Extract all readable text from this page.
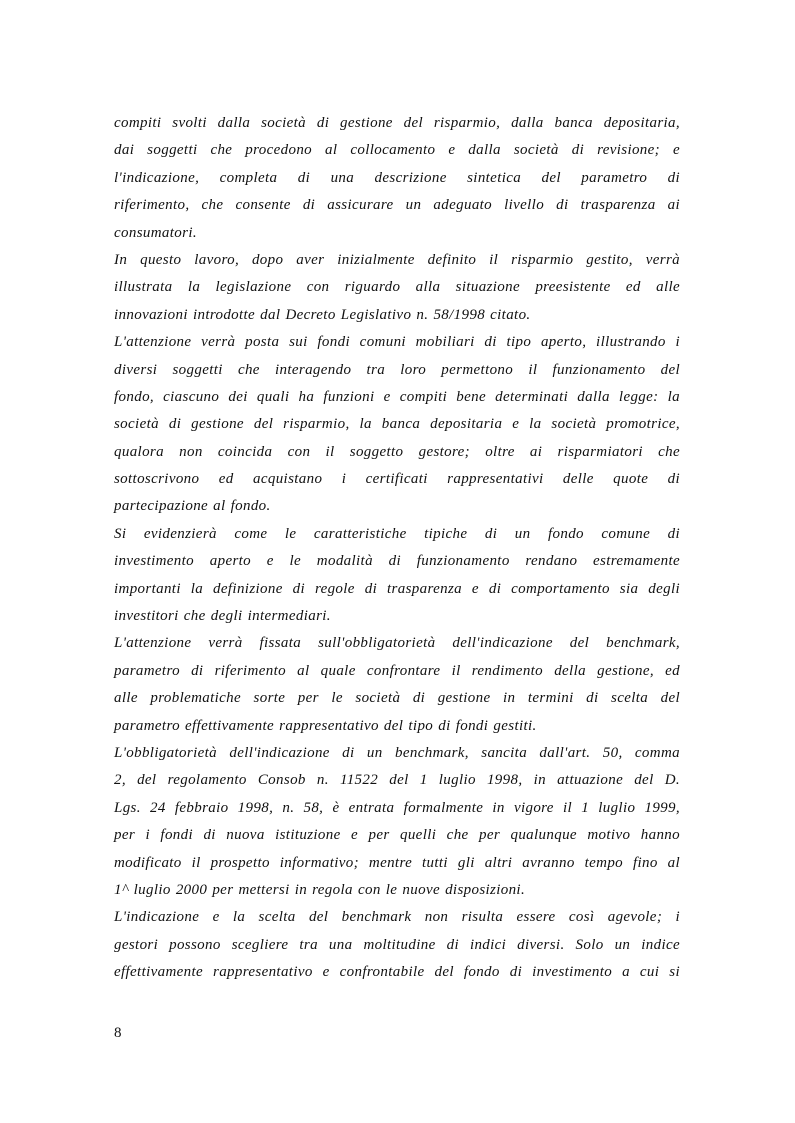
compiti svolti dalla società di gestione del risparmio, dalla banca depositaria,
dai soggetti che procedono al collocamento e dalla società di revisione; e
l'indicazione, completa di una descrizione sintetica del parametro di
riferimento, che consente di assicurare un adeguato livello di trasparenza ai
consumatori.
In questo lavoro, dopo aver inizialmente definito il risparmio gestito, verrà
illustrata la legislazione con riguardo alla situazione preesistente ed alle
innovazioni introdotte dal Decreto Legislativo n. 58/1998 citato.
L'attenzione verrà posta sui fondi comuni mobiliari di tipo aperto, illustrando i
diversi soggetti che interagendo tra loro permettono il funzionamento del
fondo, ciascuno dei quali ha funzioni e compiti bene determinati dalla legge: la
società di gestione del risparmio, la banca depositaria e la società promotrice,
qualora non coincida con il soggetto gestore; oltre ai risparmiatori che
sottoscrivono ed acquistano i certificati rappresentativi delle quote di
partecipazione al fondo.
Si evidenzierà come le caratteristiche tipiche di un fondo comune di
investimento aperto e le modalità di funzionamento rendano estremamente
importanti la definizione di regole di trasparenza e di comportamento sia degli
investitori che degli intermediari.
L'attenzione verrà fissata sull'obbligatorietà dell'indicazione del benchmark,
parametro di riferimento al quale confrontare il rendimento della gestione, ed
alle problematiche sorte per le società di gestione in termini di scelta del
parametro effettivamente rappresentativo del tipo di fondi gestiti.
L'obbligatorietà dell'indicazione di un benchmark, sancita dall'art. 50, comma
2, del regolamento Consob n. 11522 del 1 luglio 1998, in attuazione del D.
Lgs. 24 febbraio 1998, n. 58, è entrata formalmente in vigore il 1 luglio 1999,
per i fondi di nuova istituzione e per quelli che per qualunque motivo hanno
modificato il prospetto informativo; mentre tutti gli altri avranno tempo fino al
1^ luglio 2000 per mettersi in regola con le nuove disposizioni.
L'indicazione e la scelta del benchmark non risulta essere così agevole; i
gestori possono scegliere tra una moltitudine di indici diversi. Solo un indice
effettivamente rappresentativo e confrontabile del fondo di investimento a cui si
8
